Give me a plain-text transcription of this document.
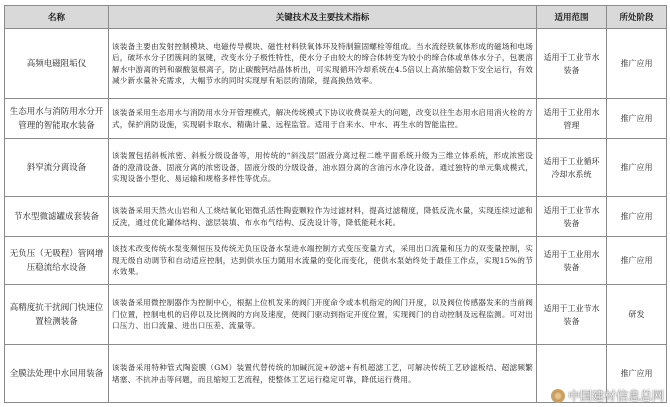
名称	关键技术及主要技术指标	适用范围	所处阶段
高频电磁阻垢仪	该装备主要由发射控制模块、电磁传导模块、磁性材料铁氧体环及特制箍固螺栓等组成。当水流经铁氧体形成的磁场和电场后，破坏水分子团簇间的氢键，改变水分子极性特性，使水分子由较大的缔合体转变为较小的缔合体或单体水分子，包裹溶解水中游离的钙和碳酸氢根离子，防止碳酸钙结晶体析出，可实现循环冷却系统在4.5倍以上高浓缩倍数下安全运行，有效减少新水量补充需求，大幅节水的同时实现厚有垢层的清除，提高换热效率。	适用于工业节水装备	推广应用
生态用水与消防用水分开管理的智能取水装备	该装备采用生态用水与消防用水分开管理模式，解决传统模式下协议收费误差大的问题，改变以往生态用水启用消火栓的方式，保护消防设施，实现刷卡取水、精确计量、远程监管。适用于自来水、中水、再生水的智能监控。	适用于工业用水管理	推广应用
斜窄流分离设备	该装置包括斜板浓密、斜板分级设备等，用传统的“斜浅层”固液分离过程二维平面系统升级为三维立体系统，形成浓密设备的澄清设备、固液分离的浓密设备，固液分级的分级设备，油水固分离的含油污水净化设备。通过独特的单元集成模式，实现设备小型化、易运输和规格多样性等优点。	适用于工业循环冷却水系统	推广应用
节水型微滤罐成套装备	该装备采用天然火山岩和人工烧结氧化铝微孔活性陶瓷颗粒作为过滤材料，提高过滤精度，降低反洗水量，实现连续过滤和反洗，通过优化罐体结构、滤层装填、布水布气结构、反洗设计等，降低能耗水耗。	适用于工业节水装备	推广应用
无负压（无吸程）管网增压稳流给水设备	该技术改变传统水泵变频恒压及传统无负压设备水泵进水端控制方式变压变量方式，采用出口流量和压力的双变量控制，实现无级自动调节和自动适应控制，达到供水压力随用水流量的变化而变化，使供水泵始终处于最佳工作点，实现15%的节水效果。	适用于工业用水装备	推广应用
高精度抗干扰阀门快速位置检测装备	该装备采用微控制器作为控制中心，根据上位机发来的阀门开度命令或本机指定的阀门开度，以及阀位传感器发来的当前阀门位置，控制电机的启停以及比例阀的方向及速度，使阀门驱动到指定开度位置，实现阀门的自动控制及远程监测。可对出口压力、出口流量、进出口压差、流量等。	适用于工业节水装备	研发
全膜法处理中水回用装备	该装备采用特种管式陶瓷膜（GM）装置代替传统的加碱沉淀+砂滤+有机超滤工艺，可解决传统工艺砂滤板结、超滤频繁堵塞、不抗冲击等问题，而且缩短工艺流程，使整体工艺运行稳定可靠，降低运行费用。		推广应用
中国建材信息总网
